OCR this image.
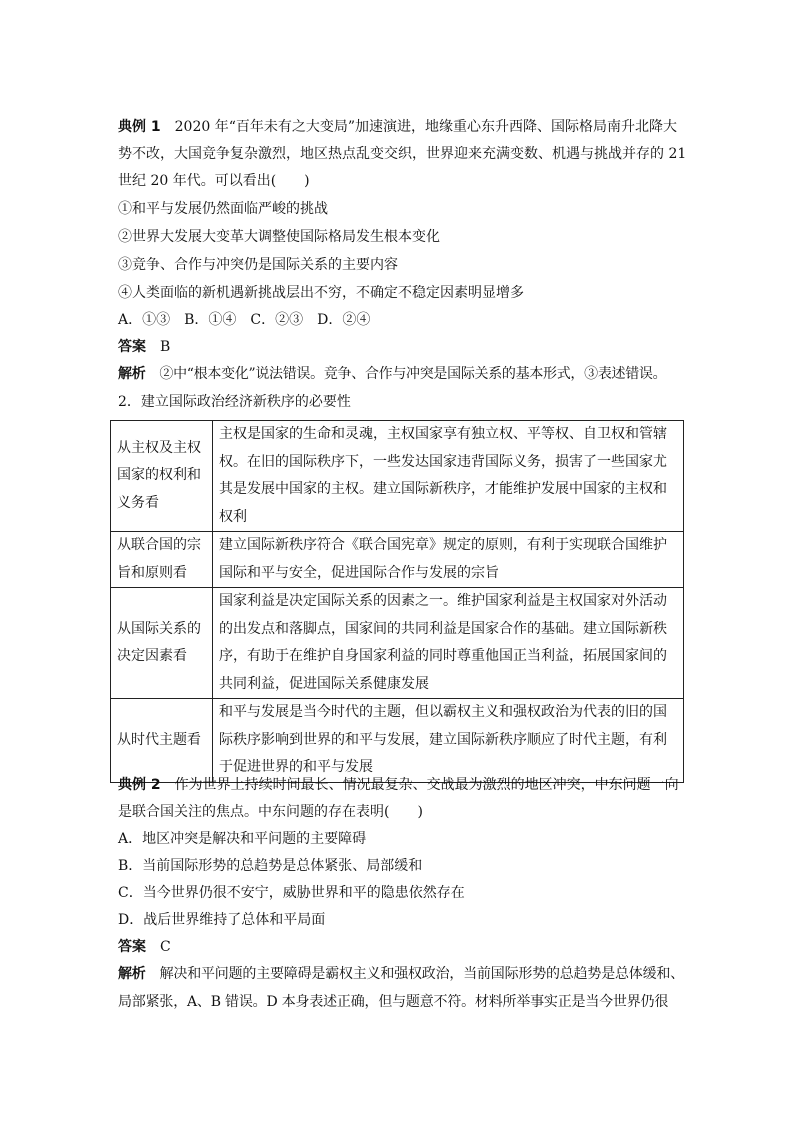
典例 1 2020 年“百年未有之大变局”加速演进，地缘重心东升西降、国际格局南升北降大
势不改，大国竞争复杂激烈，地区热点乱变交织，世界迎来充满变数、机遇与挑战并存的 21
世纪 20 年代。可以看出(　　)
①和平与发展仍然面临严峻的挑战
②世界大发展大变革大调整使国际格局发生根本变化
③竞争、合作与冲突仍是国际关系的主要内容
④人类面临的新机遇新挑战层出不穷，不确定不稳定因素明显增多
A．①③　B．①④　C．②③　D．②④
答案 B
解析 ②中“根本变化”说法错误。竞争、合作与冲突是国际关系的基本形式，③表述错误。
2．建立国际政治经济新秩序的必要性
从主权及主权国家的权利和义务看	主权是国家的生命和灵魂，主权国家享有独立权、平等权、自卫权和管辖权。在旧的国际秩序下，一些发达国家违背国际义务，损害了一些国家尤其是发展中国家的主权。建立国际新秩序，才能维护发展中国家的主权和权利
从联合国的宗旨和原则看	建立国际新秩序符合《联合国宪章》规定的原则，有利于实现联合国维护国际和平与安全，促进国际合作与发展的宗旨
从国际关系的决定因素看	国家利益是决定国际关系的因素之一。维护国家利益是主权国家对外活动的出发点和落脚点，国家间的共同利益是国家合作的基础。建立国际新秩序，有助于在维护自身国家利益的同时尊重他国正当利益，拓展国家间的共同利益，促进国际关系健康发展
从时代主题看	和平与发展是当今时代的主题，但以霸权主义和强权政治为代表的旧的国际秩序影响到世界的和平与发展，建立国际新秩序顺应了时代主题，有利于促进世界的和平与发展
典例 2 作为世界上持续时间最长、情况最复杂、交战最为激烈的地区冲突，中东问题一向
是联合国关注的焦点。中东问题的存在表明(　　)
A．地区冲突是解决和平问题的主要障碍
B．当前国际形势的总趋势是总体紧张、局部缓和
C．当今世界仍很不安宁，威胁世界和平的隐患依然存在
D．战后世界维持了总体和平局面
答案 C
解析 解决和平问题的主要障碍是霸权主义和强权政治，当前国际形势的总趋势是总体缓和、
局部紧张，A、B 错误。D 本身表述正确，但与题意不符。材料所举事实正是当今世界仍很
